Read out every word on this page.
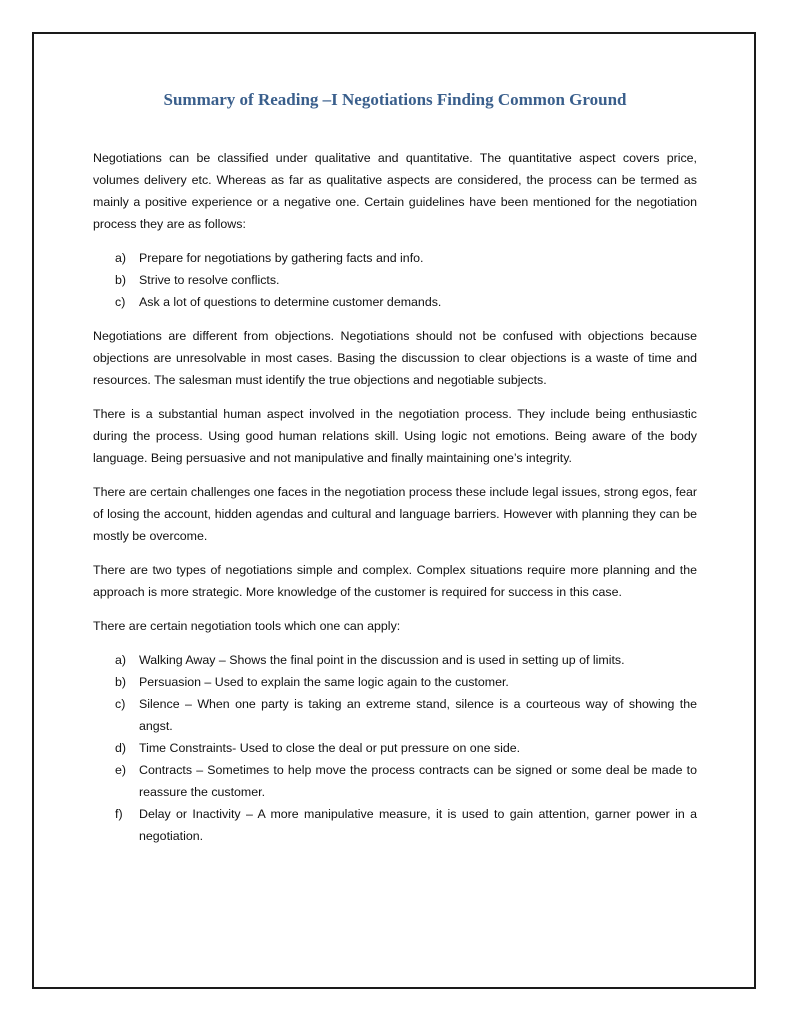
Summary of Reading –I Negotiations Finding Common Ground

Negotiations can be classified under qualitative and quantitative. The quantitative aspect covers price, volumes delivery etc. Whereas as far as qualitative aspects are considered, the process can be termed as mainly a positive experience or a negative one. Certain guidelines have been mentioned for the negotiation process they are as follows:

a) Prepare for negotiations by gathering facts and info.
b) Strive to resolve conflicts.
c) Ask a lot of questions to determine customer demands.

Negotiations are different from objections. Negotiations should not be confused with objections because objections are unresolvable in most cases. Basing the discussion to clear objections is a waste of time and resources. The salesman must identify the true objections and negotiable subjects.

There is a substantial human aspect involved in the negotiation process. They include being enthusiastic during the process. Using good human relations skill. Using logic not emotions. Being aware of the body language. Being persuasive and not manipulative and finally maintaining one’s integrity.

There are certain challenges one faces in the negotiation process these include legal issues, strong egos, fear of losing the account, hidden agendas and cultural and language barriers. However with planning they can be mostly be overcome.

There are two types of negotiations simple and complex. Complex situations require more planning and the approach is more strategic. More knowledge of the customer is required for success in this case.

There are certain negotiation tools which one can apply:

a) Walking Away – Shows the final point in the discussion and is used in setting up of limits.
b) Persuasion – Used to explain the same logic again to the customer.
c) Silence – When one party is taking an extreme stand, silence is a courteous way of showing the angst.
d) Time Constraints- Used to close the deal or put pressure on one side.
e) Contracts – Sometimes to help move the process contracts can be signed or some deal be made to reassure the customer.
f) Delay or Inactivity – A more manipulative measure, it is used to gain attention, garner power in a negotiation.
